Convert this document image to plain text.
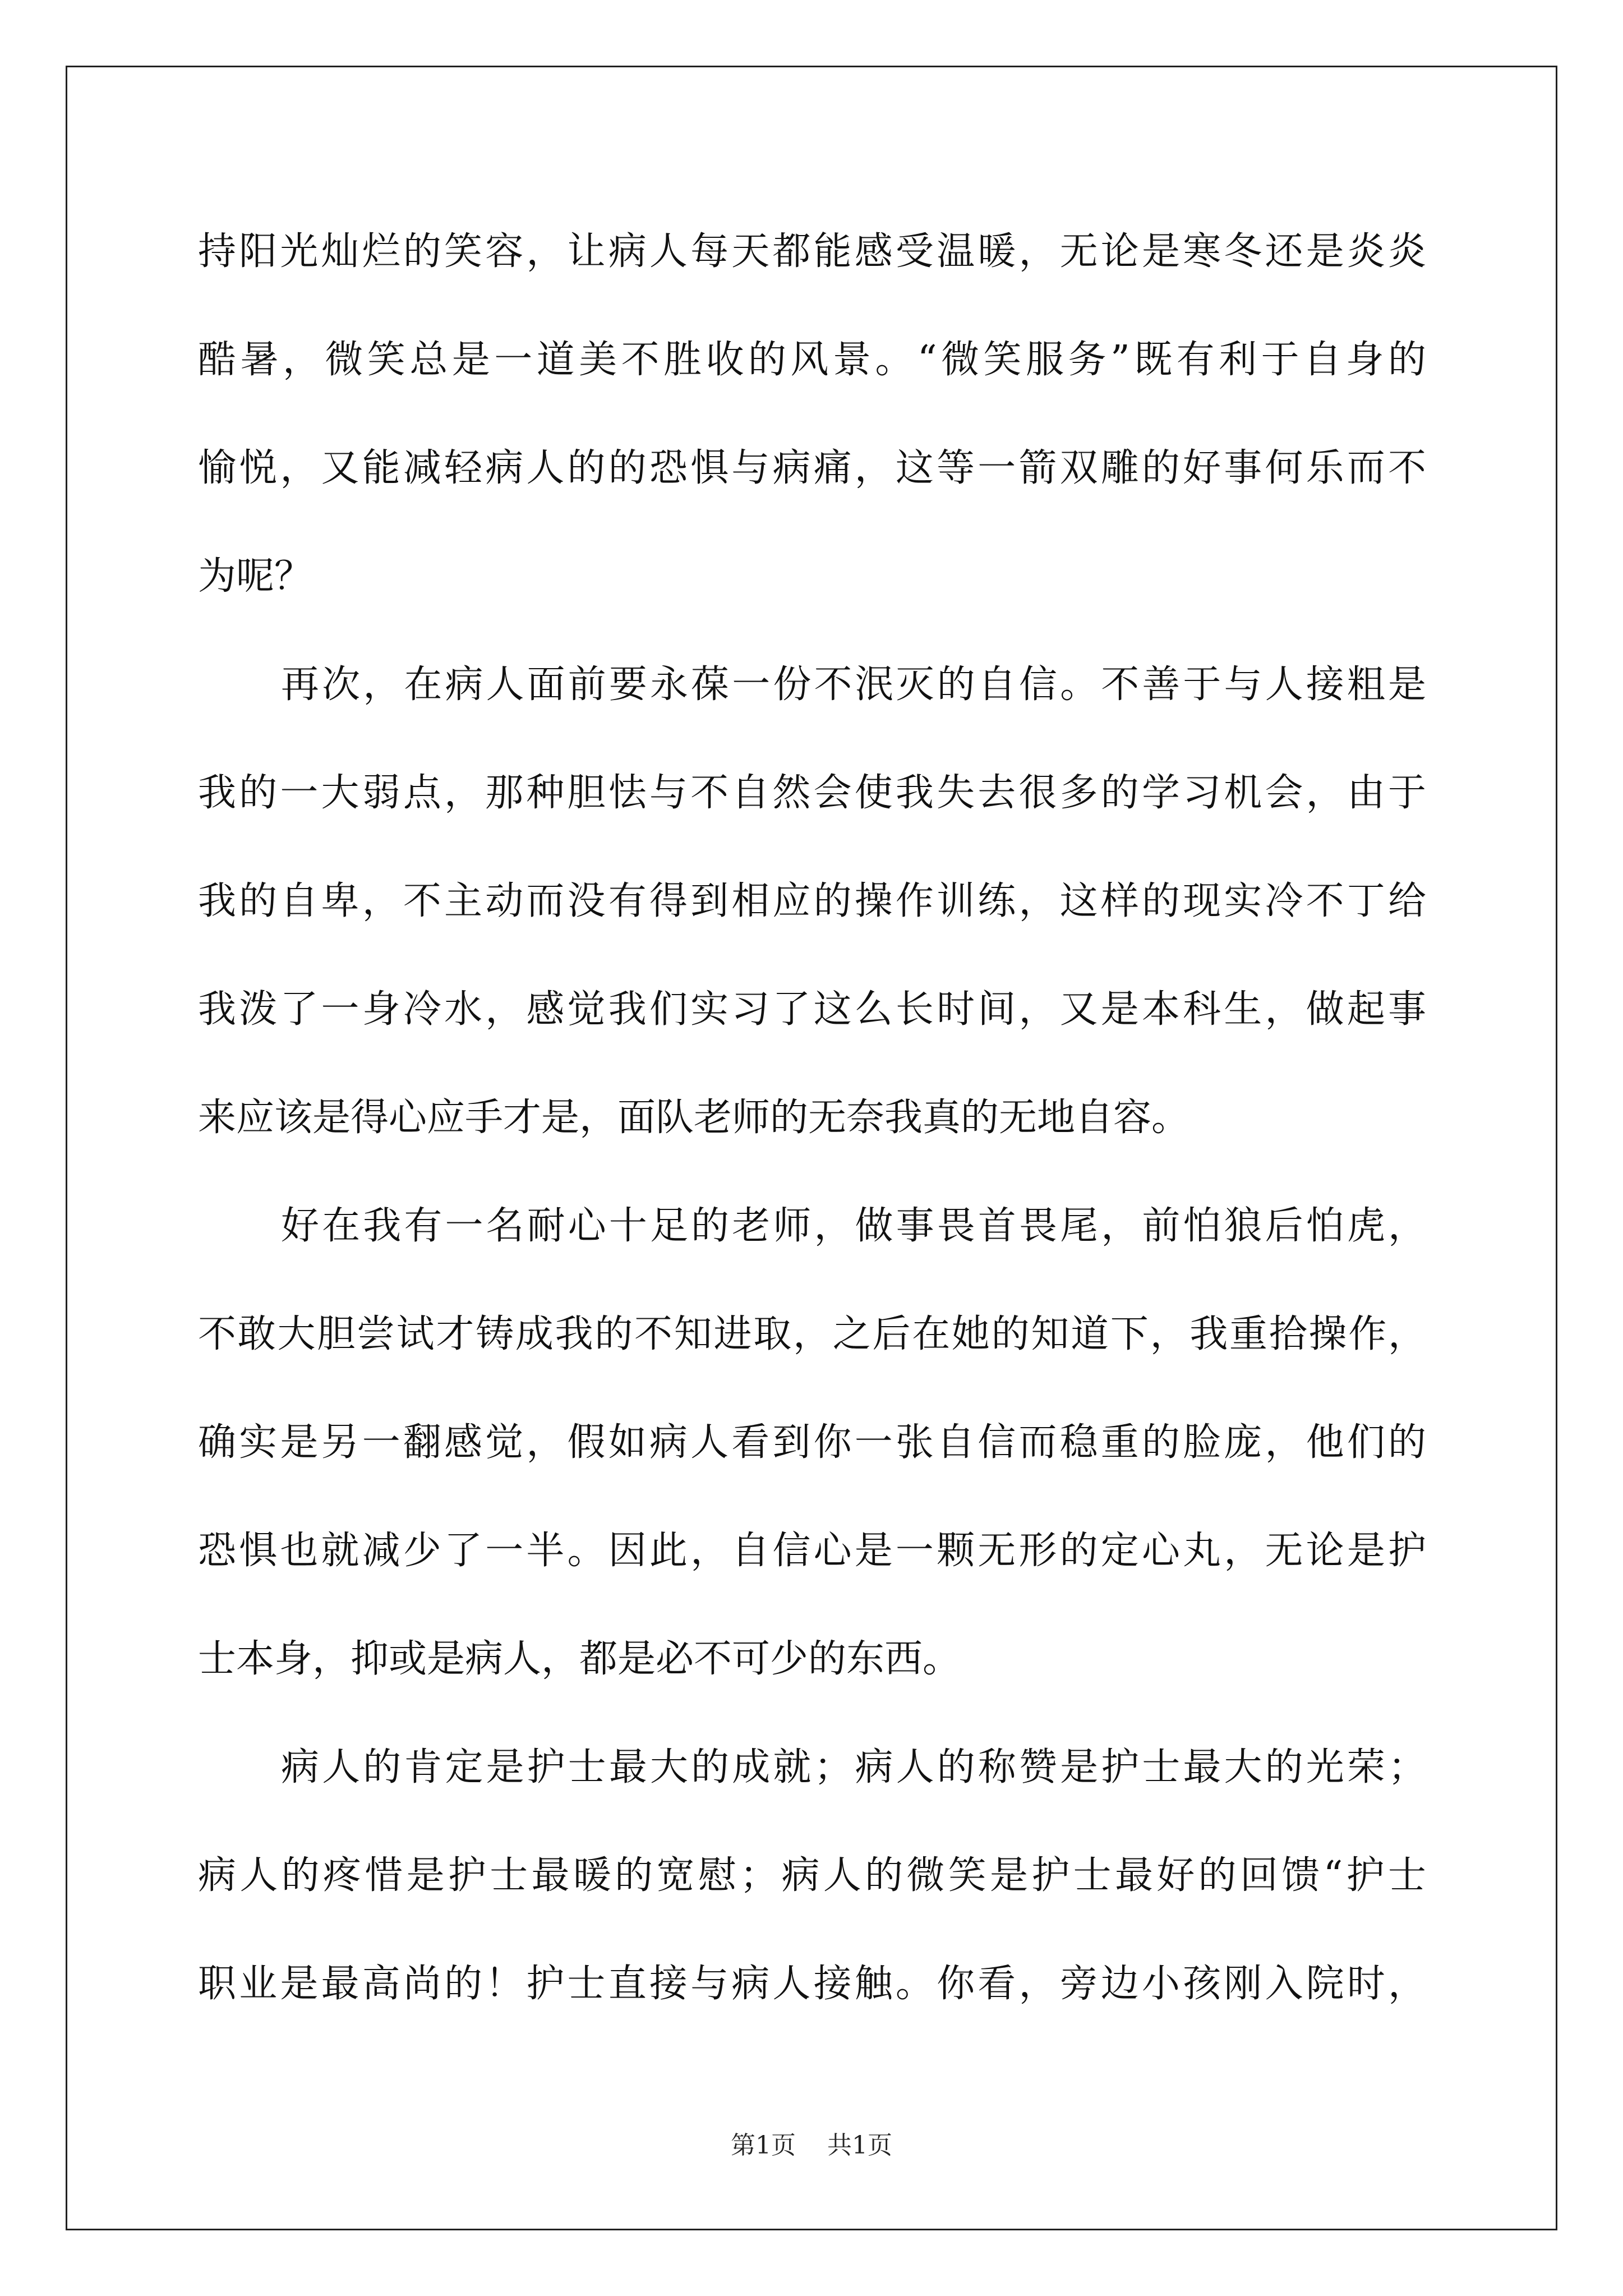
持阳光灿烂的笑容，让病人每天都能感受温暖，无论是寒冬还是炎炎
酷暑，微笑总是一道美不胜收的风景。“微笑服务”既有利于自身的
愉悦，又能减轻病人的的恐惧与病痛，这等一箭双雕的好事何乐而不
为呢？
再次，在病人面前要永葆一份不泯灭的自信。不善于与人接粗是
我的一大弱点，那种胆怯与不自然会使我失去很多的学习机会，由于
我的自卑，不主动而没有得到相应的操作训练，这样的现实冷不丁给
我泼了一身冷水，感觉我们实习了这么长时间，又是本科生，做起事
来应该是得心应手才是，面队老师的无奈我真的无地自容。
好在我有一名耐心十足的老师，做事畏首畏尾，前怕狼后怕虎，
不敢大胆尝试才铸成我的不知进取，之后在她的知道下，我重拾操作，
确实是另一翻感觉，假如病人看到你一张自信而稳重的脸庞，他们的
恐惧也就减少了一半。因此，自信心是一颗无形的定心丸，无论是护
士本身，抑或是病人，都是必不可少的东西。
病人的肯定是护士最大的成就；病人的称赞是护士最大的光荣；
病人的疼惜是护士最暖的宽慰；病人的微笑是护士最好的回馈“护士
职业是最高尚的！护士直接与病人接触。你看，旁边小孩刚入院时，
第1页 共1页
